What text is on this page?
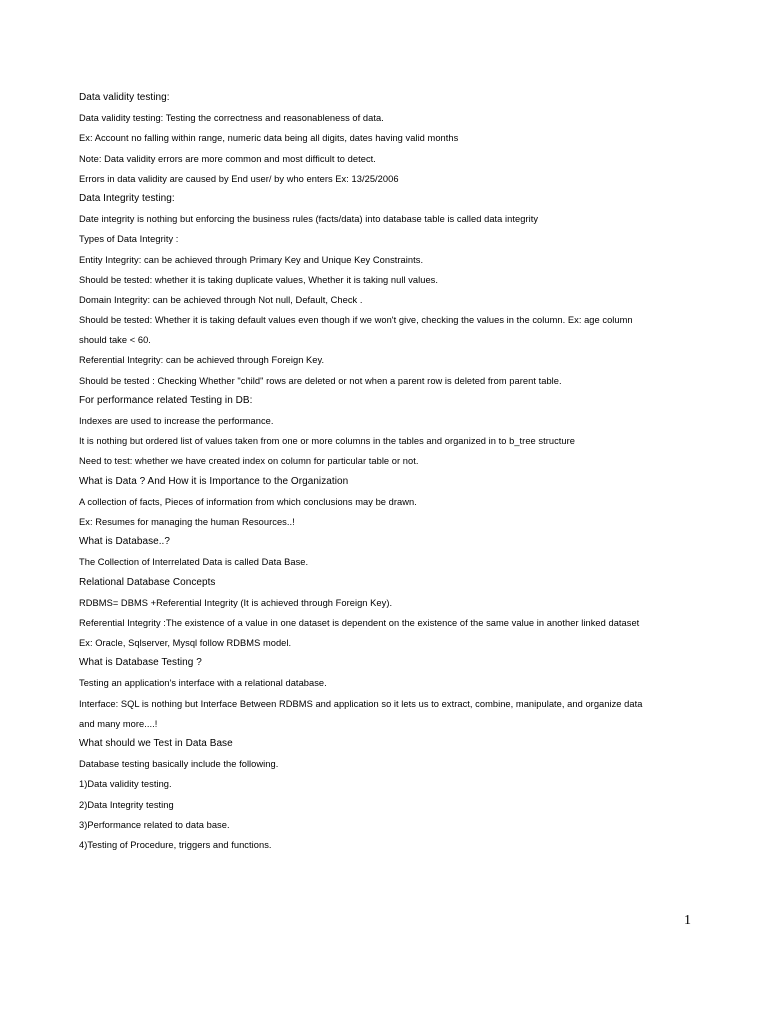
Data validity testing:
Data validity testing: Testing the correctness and reasonableness of data.
Ex: Account no falling within range, numeric data being all digits, dates having valid months
Note: Data validity errors are more common and most difficult to detect.
Errors in data validity are caused by End user/ by who enters Ex: 13/25/2006
Data Integrity testing:
Date integrity is nothing but enforcing the business rules (facts/data) into database table is called data integrity
Types of Data Integrity :
Entity Integrity: can be achieved through Primary Key and Unique Key Constraints.
Should be tested: whether it is taking duplicate values, Whether it is taking null values.
Domain Integrity: can be achieved through Not null, Default, Check .
Should be tested: Whether it is taking default values even though if we won't give, checking the values in the column. Ex: age column
should take < 60.
Referential Integrity: can be achieved through Foreign Key.
Should be tested : Checking Whether "child" rows are deleted or not when a parent row is deleted from parent table.
For performance related Testing in DB:
Indexes are used to increase the performance.
It is nothing but ordered list of values taken from one or more columns in the tables and organized in to b_tree structure
Need to test: whether we have created index on column for particular table or not.
What is Data ? And How it is Importance to the Organization
A collection of facts, Pieces of information from which conclusions may be drawn.
Ex: Resumes for managing the human Resources..!
What is Database..?
The Collection of Interrelated Data is called Data Base.
Relational Database Concepts
RDBMS= DBMS +Referential Integrity (It is achieved through Foreign Key).
Referential Integrity :The existence of a value in one dataset is dependent on the existence of the same value in another linked dataset
Ex: Oracle, Sqlserver, Mysql follow RDBMS model.
What is Database Testing ?
Testing an application's interface with a relational database.
Interface: SQL is nothing but Interface Between RDBMS and application so it lets us to extract, combine, manipulate, and organize data
and many more....!
What should we Test in Data Base
Database testing basically include the following.
1)Data validity testing.
2)Data Integrity testing
3)Performance related to data base.
4)Testing of Procedure, triggers and functions.
1
